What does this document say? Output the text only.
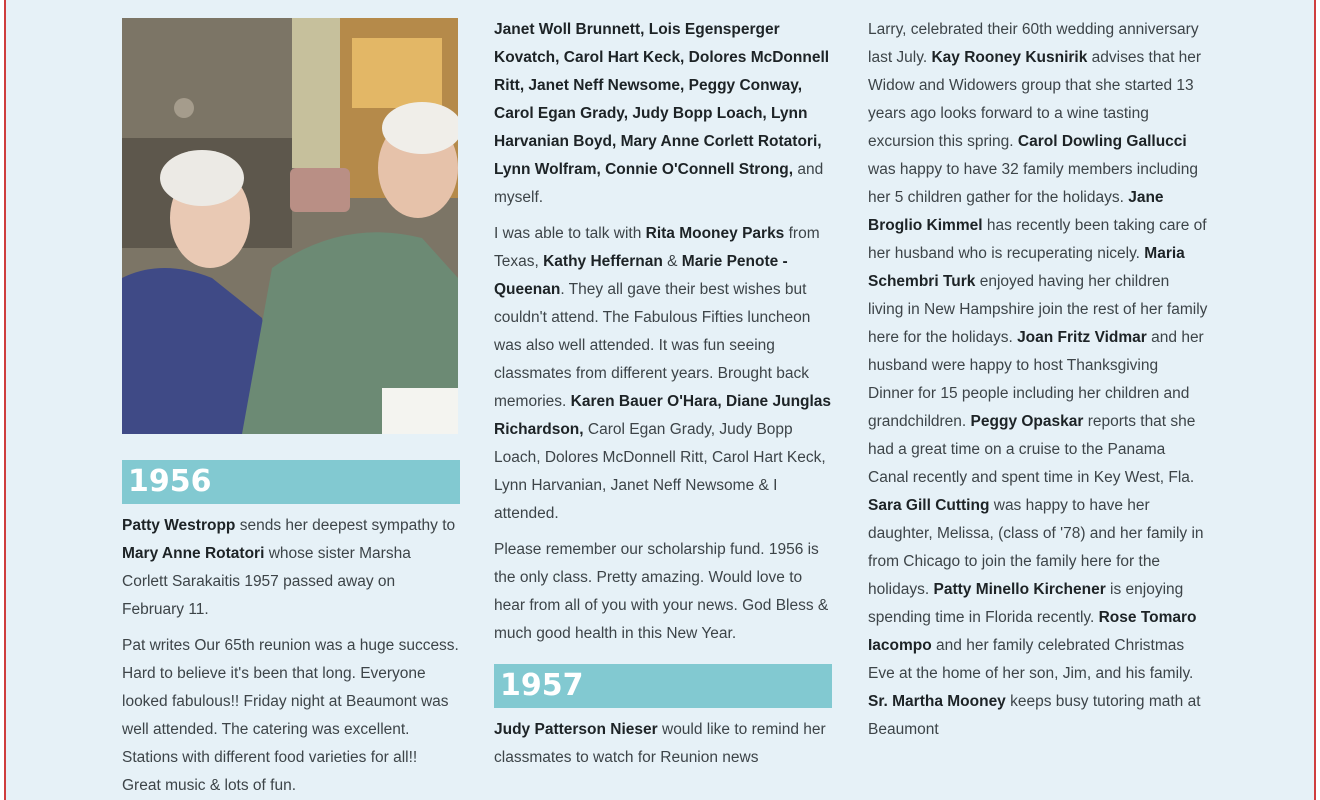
1956

Patty Westropp sends her deepest sympathy to Mary Anne Rotatori whose sister Marsha Corlett Sarakaitis 1957 passed away on February 11.

Pat writes Our 65th reunion was a huge success. Hard to believe it's been that long. Everyone looked fabulous!! Friday night at Beaumont was well attended. The catering was excellent. Stations with different food varieties for all!! Great music & lots of fun.

Janet Woll Brunnett, Lois Egensperger Kovatch, Carol Hart Keck, Dolores McDonnell Ritt, Janet Neff Newsome, Peggy Conway, Carol Egan Grady, Judy Bopp Loach, Lynn Harvanian Boyd, Mary Anne Corlett Rotatori, Lynn Wolfram, Connie O'Connell Strong, and myself.

I was able to talk with Rita Mooney Parks from Texas, Kathy Heffernan & Marie Penote - Queenan. They all gave their best wishes but couldn't attend. The Fabulous Fifties luncheon was also well attended. It was fun seeing classmates from different years. Brought back memories. Karen Bauer O'Hara, Diane Junglas Richardson, Carol Egan Grady, Judy Bopp Loach, Dolores McDonnell Ritt, Carol Hart Keck, Lynn Harvanian, Janet Neff Newsome & I attended.

Please remember our scholarship fund. 1956 is the only class. Pretty amazing. Would love to hear from all of you with your news. God Bless & much good health in this New Year.

1957

Judy Patterson Nieser would like to remind her classmates to watch for Reunion news

Larry, celebrated their 60th wedding anniversary last July. Kay Rooney Kusnirik advises that her Widow and Widowers group that she started 13 years ago looks forward to a wine tasting excursion this spring. Carol Dowling Gallucci was happy to have 32 family members including her 5 children gather for the holidays. Jane Broglio Kimmel has recently been taking care of her husband who is recuperating nicely. Maria Schembri Turk enjoyed having her children living in New Hampshire join the rest of her family here for the holidays. Joan Fritz Vidmar and her husband were happy to host Thanksgiving Dinner for 15 people including her children and grandchildren. Peggy Opaskar reports that she had a great time on a cruise to the Panama Canal recently and spent time in Key West, Fla. Sara Gill Cutting was happy to have her daughter, Melissa, (class of '78) and her family in from Chicago to join the family here for the holidays. Patty Minello Kirchener is enjoying spending time in Florida recently. Rose Tomaro Iacompo and her family celebrated Christmas Eve at the home of her son, Jim, and his family. Sr. Martha Mooney keeps busy tutoring math at Beaumont
